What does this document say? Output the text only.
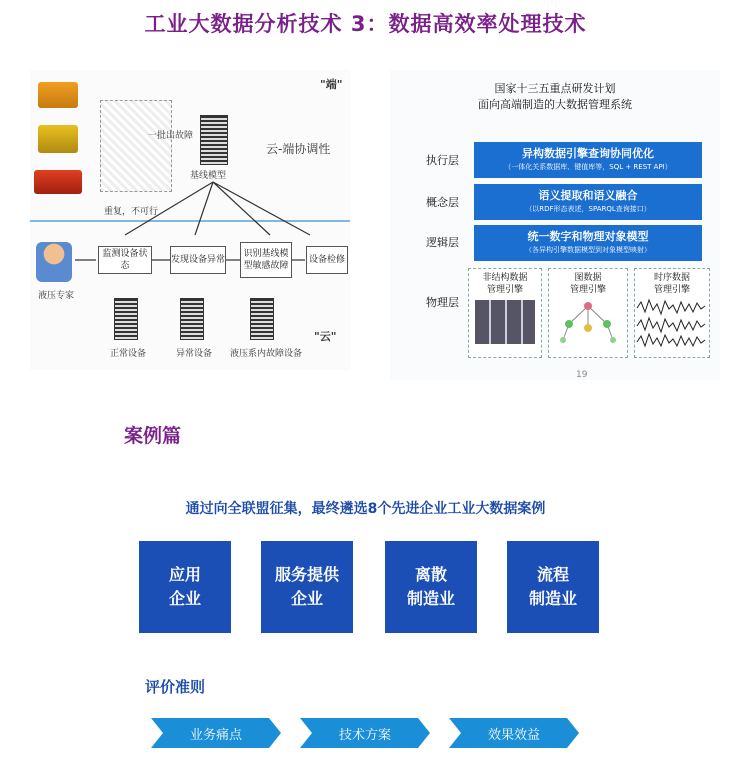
工业大数据分析技术 3：数据高效率处理技术
一批出故障
基线模型
"端"
云-端协调性
重复，不可行
液压专家
监测设备状态
发现设备异常
识别基线模型敏感故障
设备检修
正常设备	异常设备 液压系内故障设备
"云"
国家十三五重点研发计划
面向高端制造的大数据管理系统
执行层
异构数据引擎查询协同优化
（一体化关系数据库、键值库等，SQL + REST API）
概念层
语义提取和语义融合
（以RDF形态表述，SPARQL查询接口）
逻辑层	统一数字和物理对象模型
（各异构引擎数据模型到对象模型映射）
物理层
非结构数据
管理引擎
图数据
管理引擎
时序数据
管理引擎
19
案例篇
通过向全联盟征集，最终遴选8个先进企业工业大数据案例
应用
企业
服务提供
企业
离散
制造业
流程
制造业
评价准则
业务痛点	技术方案	效果效益
